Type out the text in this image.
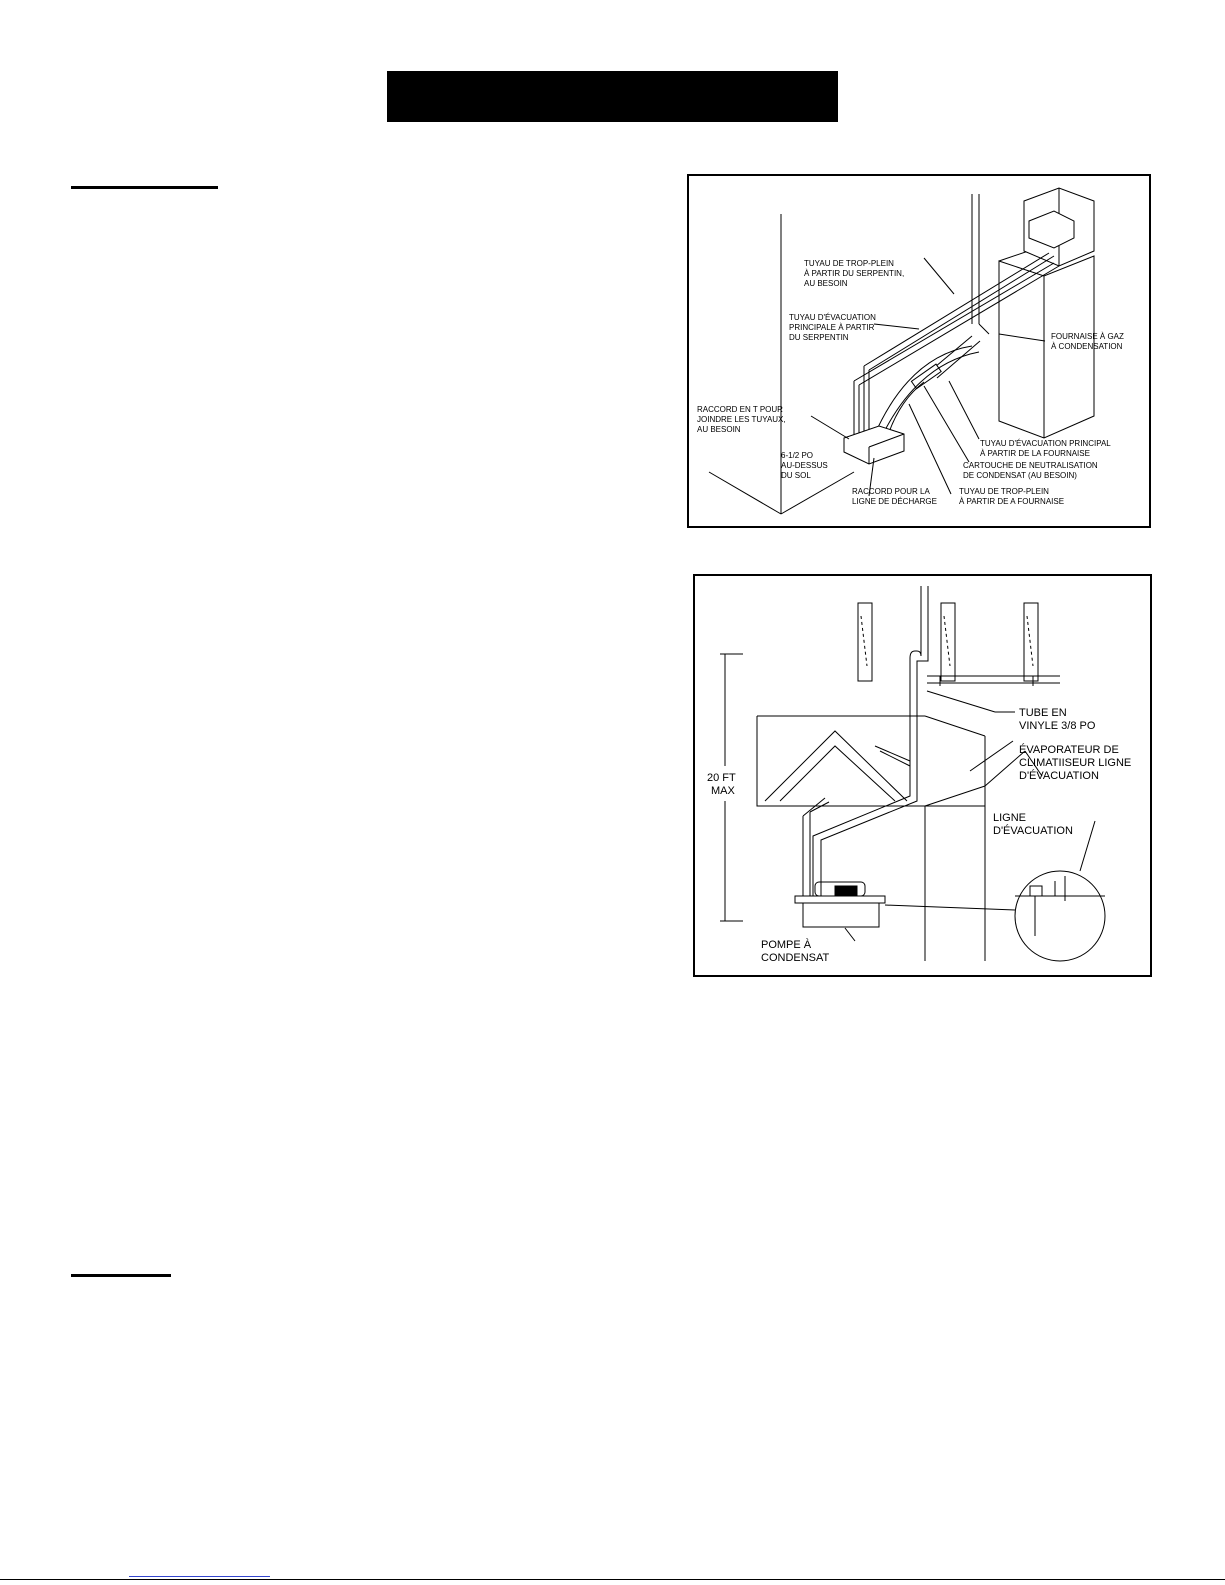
TUYAU DE TROP-PLEIN À PARTIR DU SERPENTIN, AU BESOIN
TUYAU D'ÉVACUATION PRINCIPALE À PARTIR DU SERPENTIN	FOURNAISE À GAZ À CONDENSATION
RACCORD EN T POUR JOINDRE LES TUYAUX, AU BESOIN
6-1/2 PO AU-DESSUS DU SOL
TUYAU D'ÉVACUATION PRINCIPAL À PARTIR DE LA FOURNAISE
CARTOUCHE DE NEUTRALISATION DE CONDENSAT (AU BESOIN)
RACCORD POUR LA LIGNE DE DÉCHARGE
TUYAU DE TROP-PLEIN À PARTIR DE A FOURNAISE
TUBE EN VINYLE 3/8 PO
ÉVAPORATEUR DE CLIMATIISEUR LIGNE D'ÉVACUATION
20 FT MAX
LIGNE D'ÉVACUATION
POMPE À CONDENSAT
